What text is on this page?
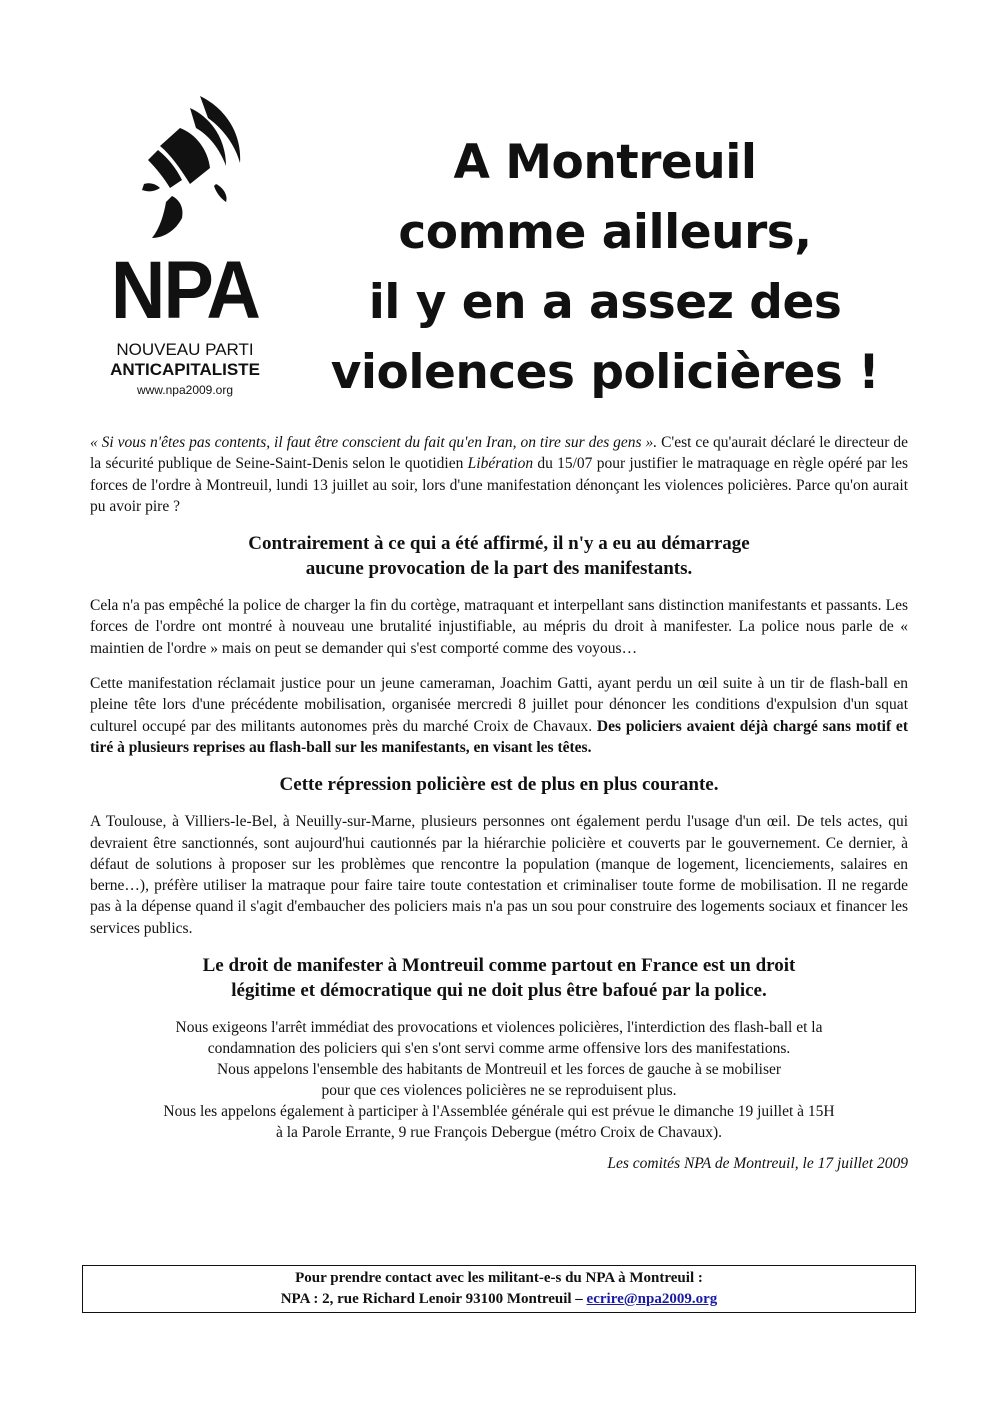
NPA
NOUVEAU PARTI
ANTICAPITALISTE
www.npa2009.org
A Montreuil
comme ailleurs,
il y en a assez des
violences policières !

« Si vous n'êtes pas contents, il faut être conscient du fait qu'en Iran, on tire sur des gens ». C'est ce qu'aurait déclaré le directeur de la sécurité publique de Seine-Saint-Denis selon le quotidien Libération du 15/07 pour justifier le matraquage en règle opéré par les forces de l'ordre à Montreuil, lundi 13 juillet au soir, lors d'une manifestation dénonçant les violences policières. Parce qu'on aurait pu avoir pire ?

Contrairement à ce qui a été affirmé, il n'y a eu au démarrage
aucune provocation de la part des manifestants.

Cela n'a pas empêché la police de charger la fin du cortège, matraquant et interpellant sans distinction manifestants et passants. Les forces de l'ordre ont montré à nouveau une brutalité injustifiable, au mépris du droit à manifester. La police nous parle de « maintien de l'ordre » mais on peut se demander qui s'est comporté comme des voyous…

Cette manifestation réclamait justice pour un jeune cameraman, Joachim Gatti, ayant perdu un œil suite à un tir de flash-ball en pleine tête lors d'une précédente mobilisation, organisée mercredi 8 juillet pour dénoncer les conditions d'expulsion d'un squat culturel occupé par des militants autonomes près du marché Croix de Chavaux. Des policiers avaient déjà chargé sans motif et tiré à plusieurs reprises au flash-ball sur les manifestants, en visant les têtes.

Cette répression policière est de plus en plus courante.

A Toulouse, à Villiers-le-Bel, à Neuilly-sur-Marne, plusieurs personnes ont également perdu l'usage d'un œil. De tels actes, qui devraient être sanctionnés, sont aujourd'hui cautionnés par la hiérarchie policière et couverts par le gouvernement. Ce dernier, à défaut de solutions à proposer sur les problèmes que rencontre la population (manque de logement, licenciements, salaires en berne…), préfère utiliser la matraque pour faire taire toute contestation et criminaliser toute forme de mobilisation. Il ne regarde pas à la dépense quand il s'agit d'embaucher des policiers mais n'a pas un sou pour construire des logements sociaux et financer les services publics.

Le droit de manifester à Montreuil comme partout en France est un droit
légitime et démocratique qui ne doit plus être bafoué par la police.

Nous exigeons l'arrêt immédiat des provocations et violences policières, l'interdiction des flash-ball et la

condamnation des policiers qui s'en s'ont servi comme arme offensive lors des manifestations.

Nous appelons l'ensemble des habitants de Montreuil et les forces de gauche à se mobiliser

pour que ces violences policières ne se reproduisent plus.

Nous les appelons également à participer à l'Assemblée générale qui est prévue le dimanche 19 juillet à 15H

à la Parole Errante, 9 rue François Debergue (métro Croix de Chavaux).

Les comités NPA de Montreuil, le 17 juillet 2009

Pour prendre contact avec les militant-e-s du NPA à Montreuil :
NPA : 2, rue Richard Lenoir 93100 Montreuil – ecrire@npa2009.org
